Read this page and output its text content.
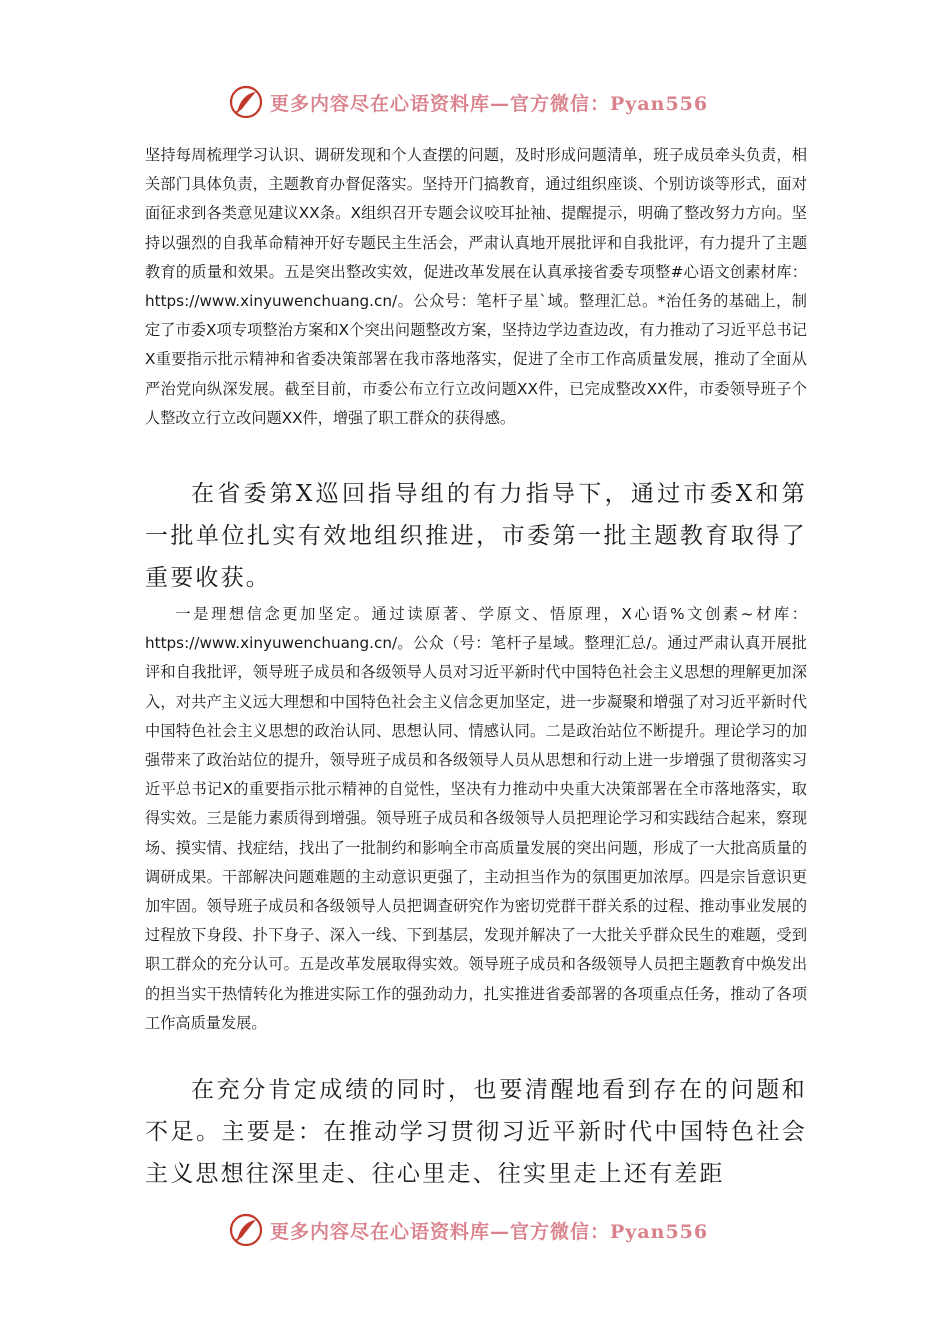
更多内容尽在心语资料库—官方微信：Pyan556

坚持每周梳理学习认识、调研发现和个人查摆的问题，及时形成问题清单，班子成员牵头负责，相关部门具体负责，主题教育办督促落实。坚持开门搞教育，通过组织座谈、个别访谈等形式，面对面征求到各类意见建议XX条。X组织召开专题会议咬耳扯袖、提醒提示，明确了整改努力方向。坚持以强烈的自我革命精神开好专题民主生活会，严肃认真地开展批评和自我批评，有力提升了主题教育的质量和效果。五是突出整改实效，促进改革发展在认真承接省委专项整#心语文创素材库：https://www.xinyuwenchuang.cn/。公众号：笔杆子星`域。整理汇总。*治任务的基础上，制定了市委X项专项整治方案和X个突出问题整改方案，坚持边学边查边改，有力推动了习近平总书记X重要指示批示精神和省委决策部署在我市落地落实，促进了全市工作高质量发展，推动了全面从严治党向纵深发展。截至目前，市委公布立行立改问题XX件，已完成整改XX件，市委领导班子个人整改立行立改问题XX件，增强了职工群众的获得感。

在省委第X巡回指导组的有力指导下，通过市委X和第一批单位扎实有效地组织推进，市委第一批主题教育取得了重要收获。

一是理想信念更加坚定。通过读原著、学原文、悟原理，X心语%文创素~材库：https://www.xinyuwenchuang.cn/。公众（号：笔杆子星域。整理汇总/。通过严肃认真开展批评和自我批评，领导班子成员和各级领导人员对习近平新时代中国特色社会主义思想的理解更加深入，对共产主义远大理想和中国特色社会主义信念更加坚定，进一步凝聚和增强了对习近平新时代中国特色社会主义思想的政治认同、思想认同、情感认同。二是政治站位不断提升。理论学习的加强带来了政治站位的提升，领导班子成员和各级领导人员从思想和行动上进一步增强了贯彻落实习近平总书记X的重要指示批示精神的自觉性，坚决有力推动中央重大决策部署在全市落地落实，取得实效。三是能力素质得到增强。领导班子成员和各级领导人员把理论学习和实践结合起来，察现场、摸实情、找症结，找出了一批制约和影响全市高质量发展的突出问题，形成了一大批高质量的调研成果。干部解决问题难题的主动意识更强了，主动担当作为的氛围更加浓厚。四是宗旨意识更加牢固。领导班子成员和各级领导人员把调查研究作为密切党群干群关系的过程、推动事业发展的过程放下身段、扑下身子、深入一线、下到基层，发现并解决了一大批关乎群众民生的难题，受到职工群众的充分认可。五是改革发展取得实效。领导班子成员和各级领导人员把主题教育中焕发出的担当实干热情转化为推进实际工作的强劲动力，扎实推进省委部署的各项重点任务，推动了各项工作高质量发展。

在充分肯定成绩的同时，也要清醒地看到存在的问题和不足。主要是：在推动学习贯彻习近平新时代中国特色社会主义思想往深里走、往心里走、往实里走上还有差距

更多内容尽在心语资料库—官方微信：Pyan556
